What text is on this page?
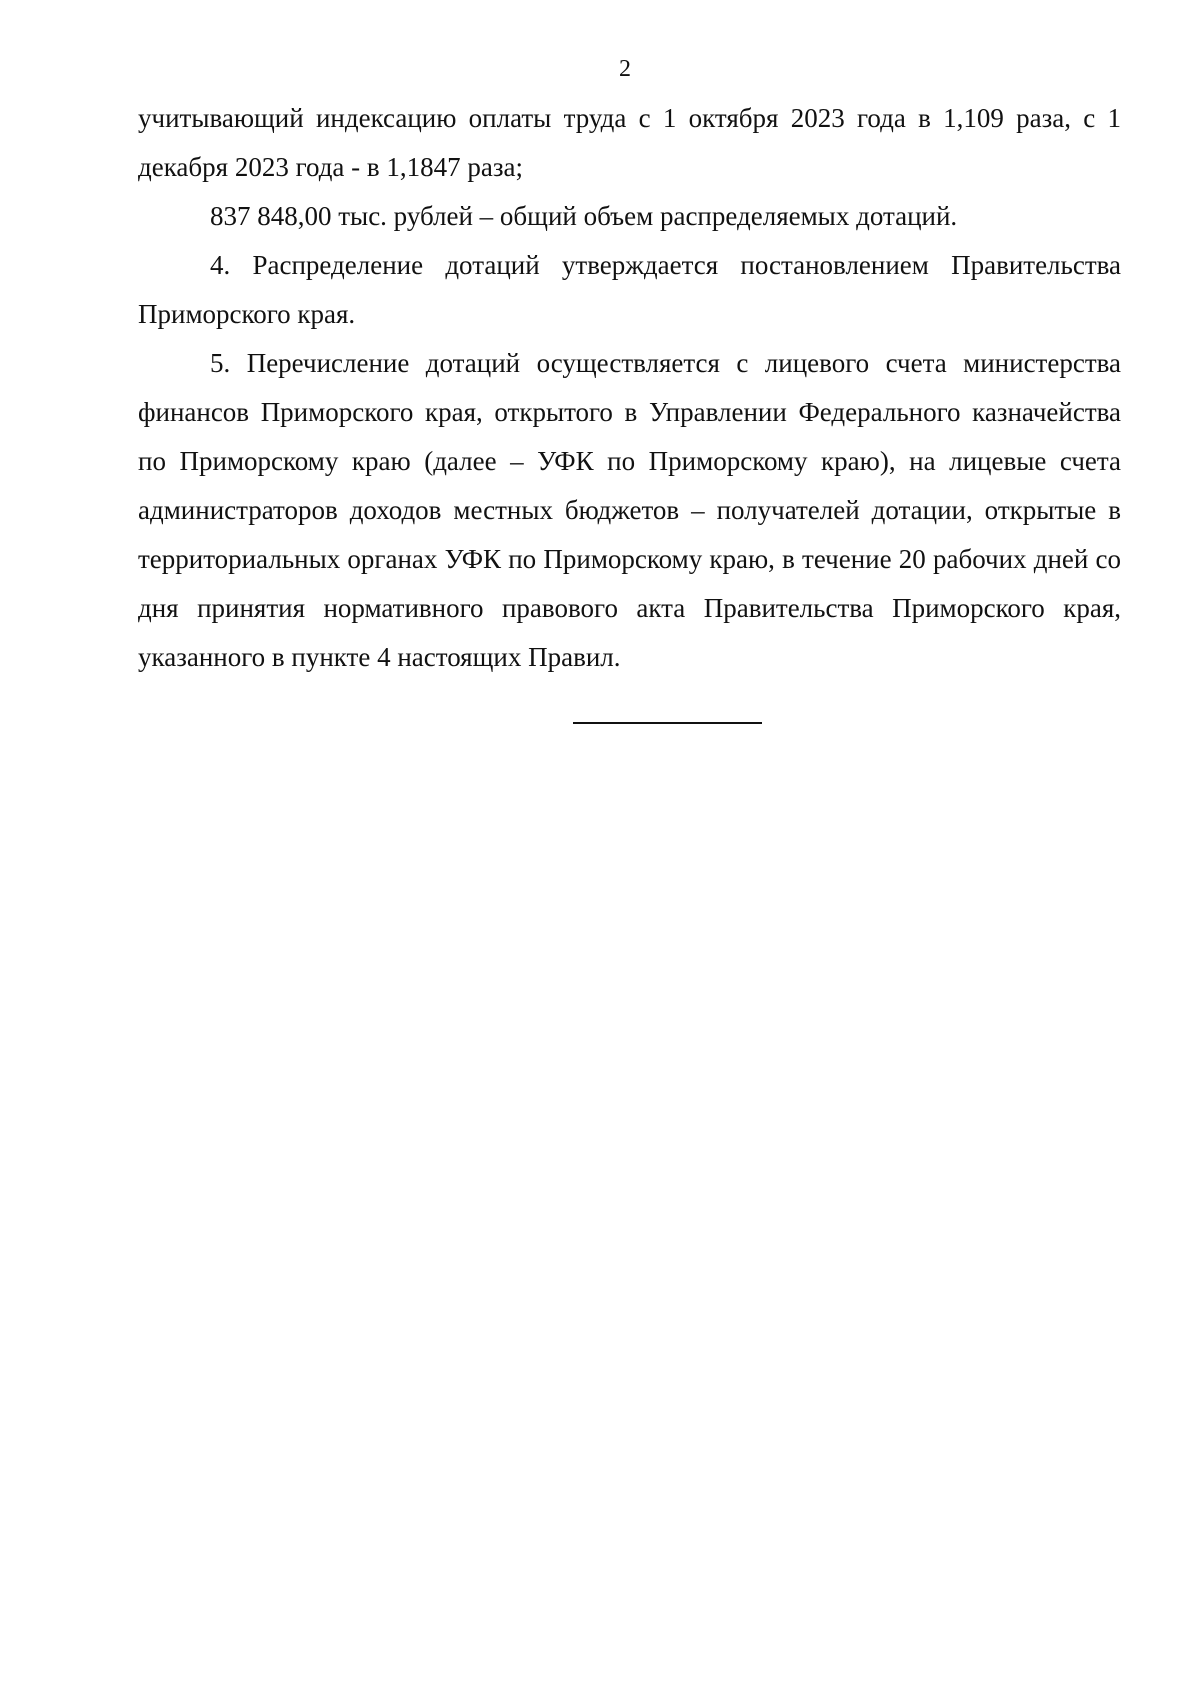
2

учитывающий индексацию оплаты труда с 1 октября 2023 года в 1,109 раза, с 1 декабря 2023 года - в 1,1847 раза;

837 848,00 тыс. рублей – общий объем распределяемых дотаций.

4. Распределение дотаций утверждается постановлением Правительства Приморского края.

5. Перечисление дотаций осуществляется с лицевого счета министерства финансов Приморского края, открытого в Управлении Федерального казначейства по Приморскому краю (далее – УФК по Приморскому краю), на лицевые счета администраторов доходов местных бюджетов – получателей дотации, открытые в территориальных органах УФК по Приморскому краю, в течение 20 рабочих дней со дня принятия нормативного правового акта Правительства Приморского края, указанного в пункте 4 настоящих Правил.
